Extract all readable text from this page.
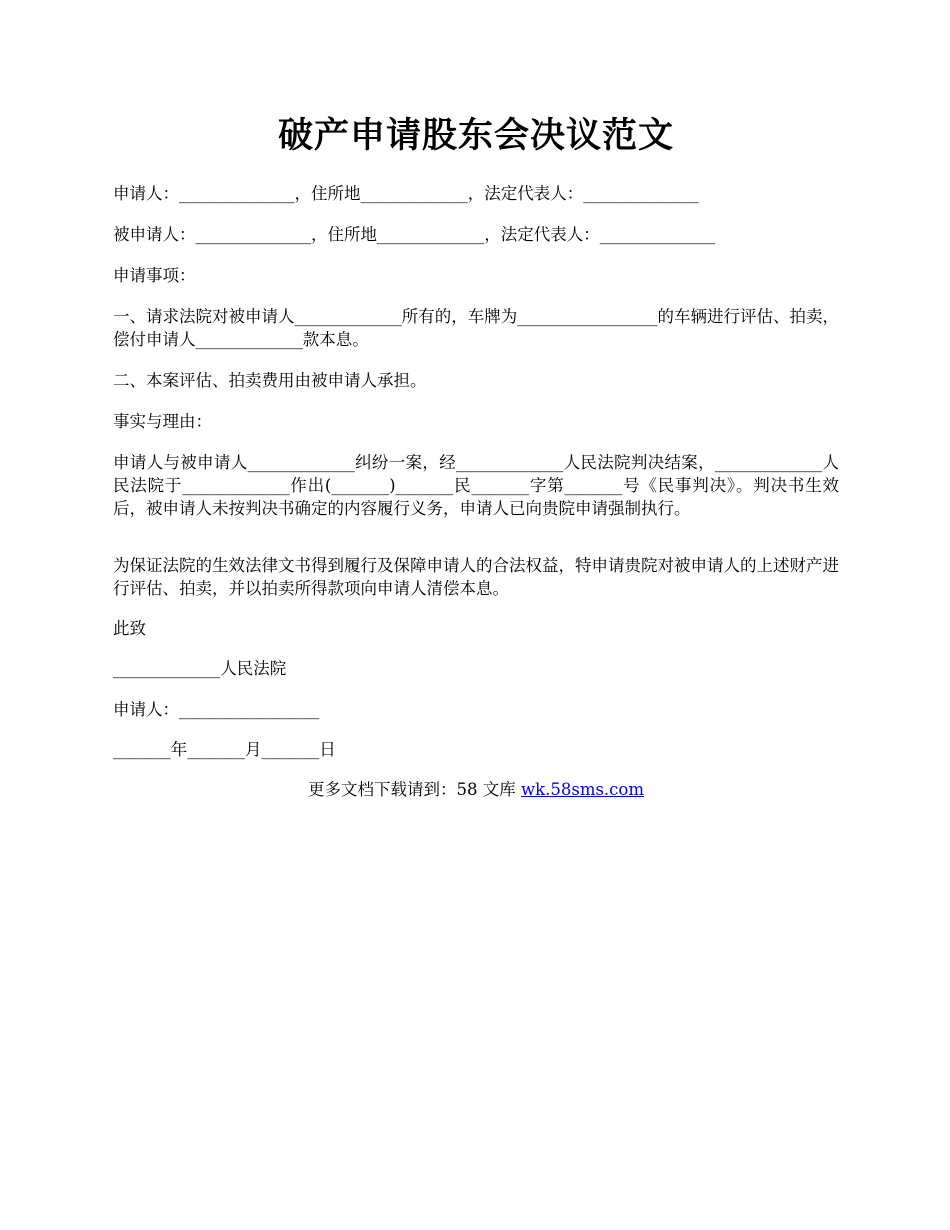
破产申请股东会决议范文
申请人：______________，住所地_____________，法定代表人：______________
被申请人：______________，住所地_____________，法定代表人：______________
申请事项：
一、请求法院对被申请人_____________所有的，车牌为_________________的车辆进行评估、拍卖，偿付申请人_____________款本息。
二、本案评估、拍卖费用由被申请人承担。
事实与理由：
申请人与被申请人_____________纠纷一案，经_____________人民法院判决结案，_____________人民法院于_____________作出(_______)_______民_______字第_______号《民事判决》。判决书生效后，被申请人未按判决书确定的内容履行义务，申请人已向贵院申请强制执行。
为保证法院的生效法律文书得到履行及保障申请人的合法权益，特申请贵院对被申请人的上述财产进行评估、拍卖，并以拍卖所得款项向申请人清偿本息。
此致
_____________人民法院
申请人：_________________
_______年_______月_______日
更多文档下载请到：58 文库 wk.58sms.com
